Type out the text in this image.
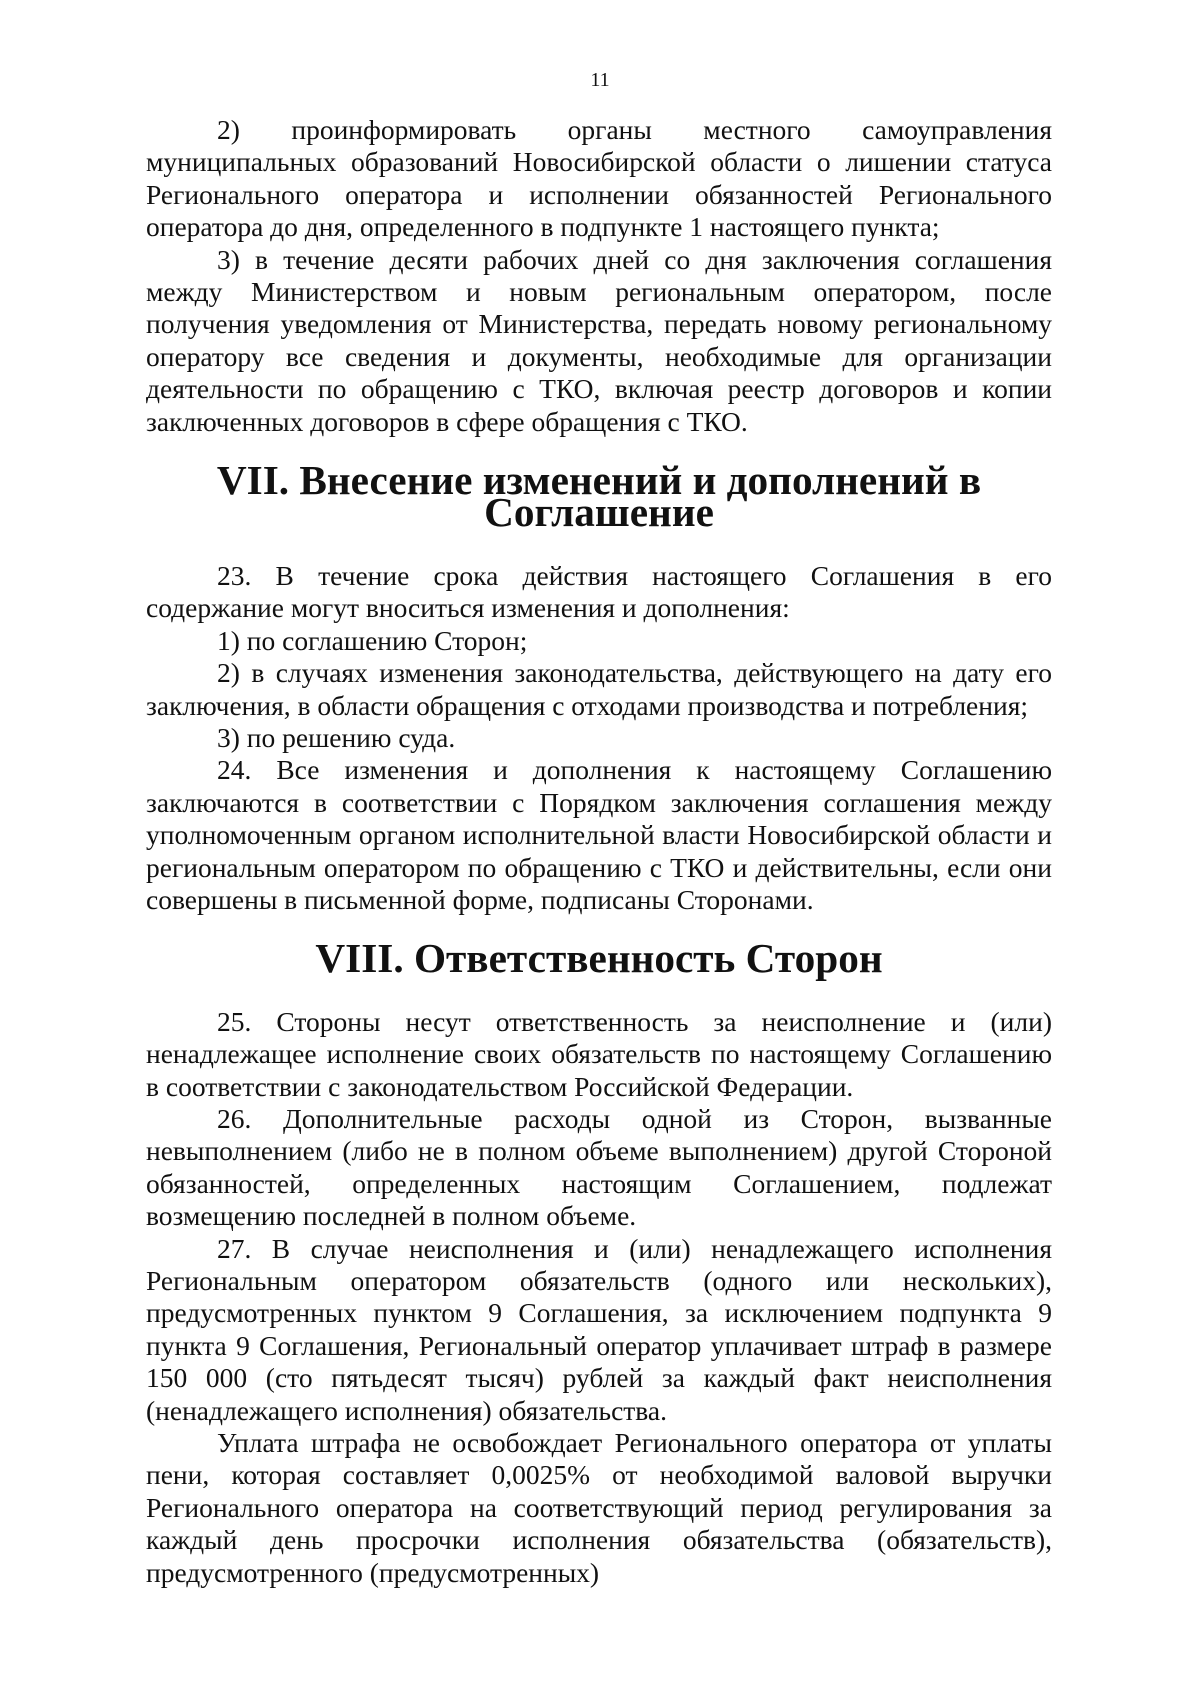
11

2) проинформировать органы местного самоуправления муниципальных образований Новосибирской области о лишении статуса Регионального оператора и исполнении обязанностей Регионального оператора до дня, определенного в подпункте 1 настоящего пункта;

3) в течение десяти рабочих дней со дня заключения соглашения между Министерством и новым региональным оператором, после получения уведомления от Министерства, передать новому региональному оператору все сведения и документы, необходимые для организации деятельности по обращению с ТКО, включая реестр договоров и копии заключенных договоров в сфере обращения с ТКО.

VII. Внесение изменений и дополнений в Соглашение

23. В течение срока действия настоящего Соглашения в его содержание могут вноситься изменения и дополнения:

1) по соглашению Сторон;

2) в случаях изменения законодательства, действующего на дату его заключения, в области обращения с отходами производства и потребления;

3) по решению суда.

24. Все изменения и дополнения к настоящему Соглашению заключаются в соответствии с Порядком заключения соглашения между уполномоченным органом исполнительной власти Новосибирской области и региональным оператором по обращению с ТКО и действительны, если они совершены в письменной форме, подписаны Сторонами.

VIII. Ответственность Сторон

25. Стороны несут ответственность за неисполнение и (или) ненадлежащее исполнение своих обязательств по настоящему Соглашению в соответствии с законодательством Российской Федерации.

26. Дополнительные расходы одной из Сторон, вызванные невыполнением (либо не в полном объеме выполнением) другой Стороной обязанностей, определенных настоящим Соглашением, подлежат возмещению последней в полном объеме.

27. В случае неисполнения и (или) ненадлежащего исполнения Региональным оператором обязательств (одного или нескольких), предусмотренных пунктом 9 Соглашения, за исключением подпункта 9 пункта 9 Соглашения, Региональный оператор уплачивает штраф в размере 150 000 (сто пятьдесят тысяч) рублей за каждый факт неисполнения (ненадлежащего исполнения) обязательства.

Уплата штрафа не освобождает Регионального оператора от уплаты пени, которая составляет 0,0025% от необходимой валовой выручки Регионального оператора на соответствующий период регулирования за каждый день просрочки исполнения обязательства (обязательств), предусмотренного (предусмотренных)
